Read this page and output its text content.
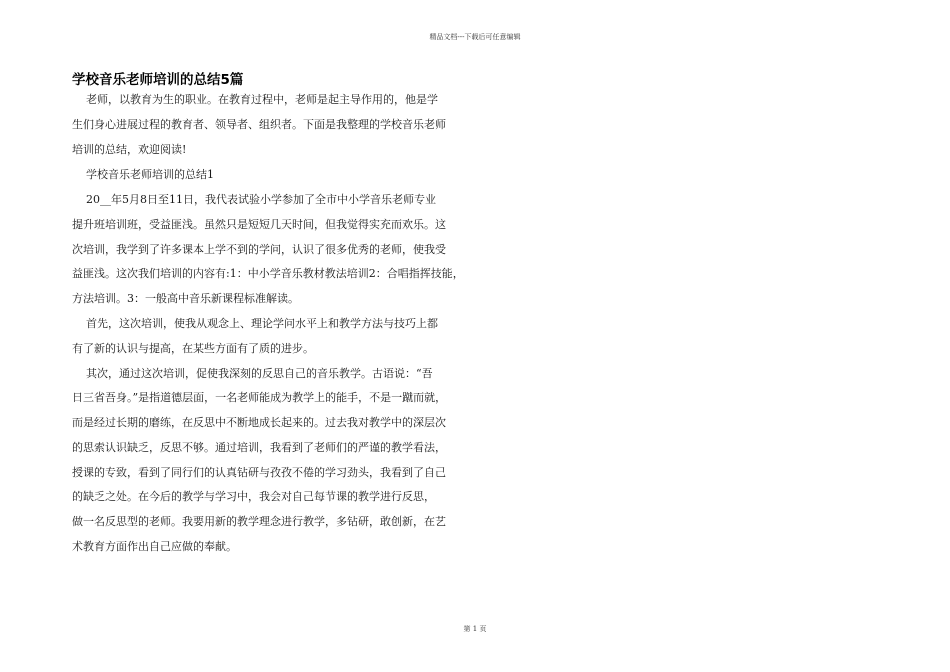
精品文档---下载后可任意编辑
学校音乐老师培训的总结5篇
老师，以教育为生的职业。在教育过程中，老师是起主导作用的，他是学
生们身心进展过程的教育者、领导者、组织者。下面是我整理的学校音乐老师
培训的总结，欢迎阅读!
学校音乐老师培训的总结1
20__年5月8日至11日，我代表试验小学参加了全市中小学音乐老师专业
提升班培训班，受益匪浅。虽然只是短短几天时间，但我觉得实充而欢乐。这
次培训，我学到了许多课本上学不到的学问，认识了很多优秀的老师，使我受
益匪浅。这次我们培训的内容有:1：中小学音乐教材教法培训2：合唱指挥技能，
方法培训。3：一般高中音乐新课程标准解读。
首先，这次培训，使我从观念上、理论学问水平上和教学方法与技巧上都
有了新的认识与提高，在某些方面有了质的进步。
其次，通过这次培训，促使我深刻的反思自己的音乐教学。古语说：“吾
日三省吾身。”是指道德层面，一名老师能成为教学上的能手，不是一蹴而就，
而是经过长期的磨练，在反思中不断地成长起来的。过去我对教学中的深层次
的思索认识缺乏，反思不够。通过培训，我看到了老师们的严谨的教学看法，
授课的专致，看到了同行们的认真钻研与孜孜不倦的学习劲头，我看到了自己
的缺乏之处。在今后的教学与学习中，我会对自己每节课的教学进行反思，
做一名反思型的老师。我要用新的教学理念进行教学，多钻研，敢创新，在艺
术教育方面作出自己应做的奉献。
第 1 页
